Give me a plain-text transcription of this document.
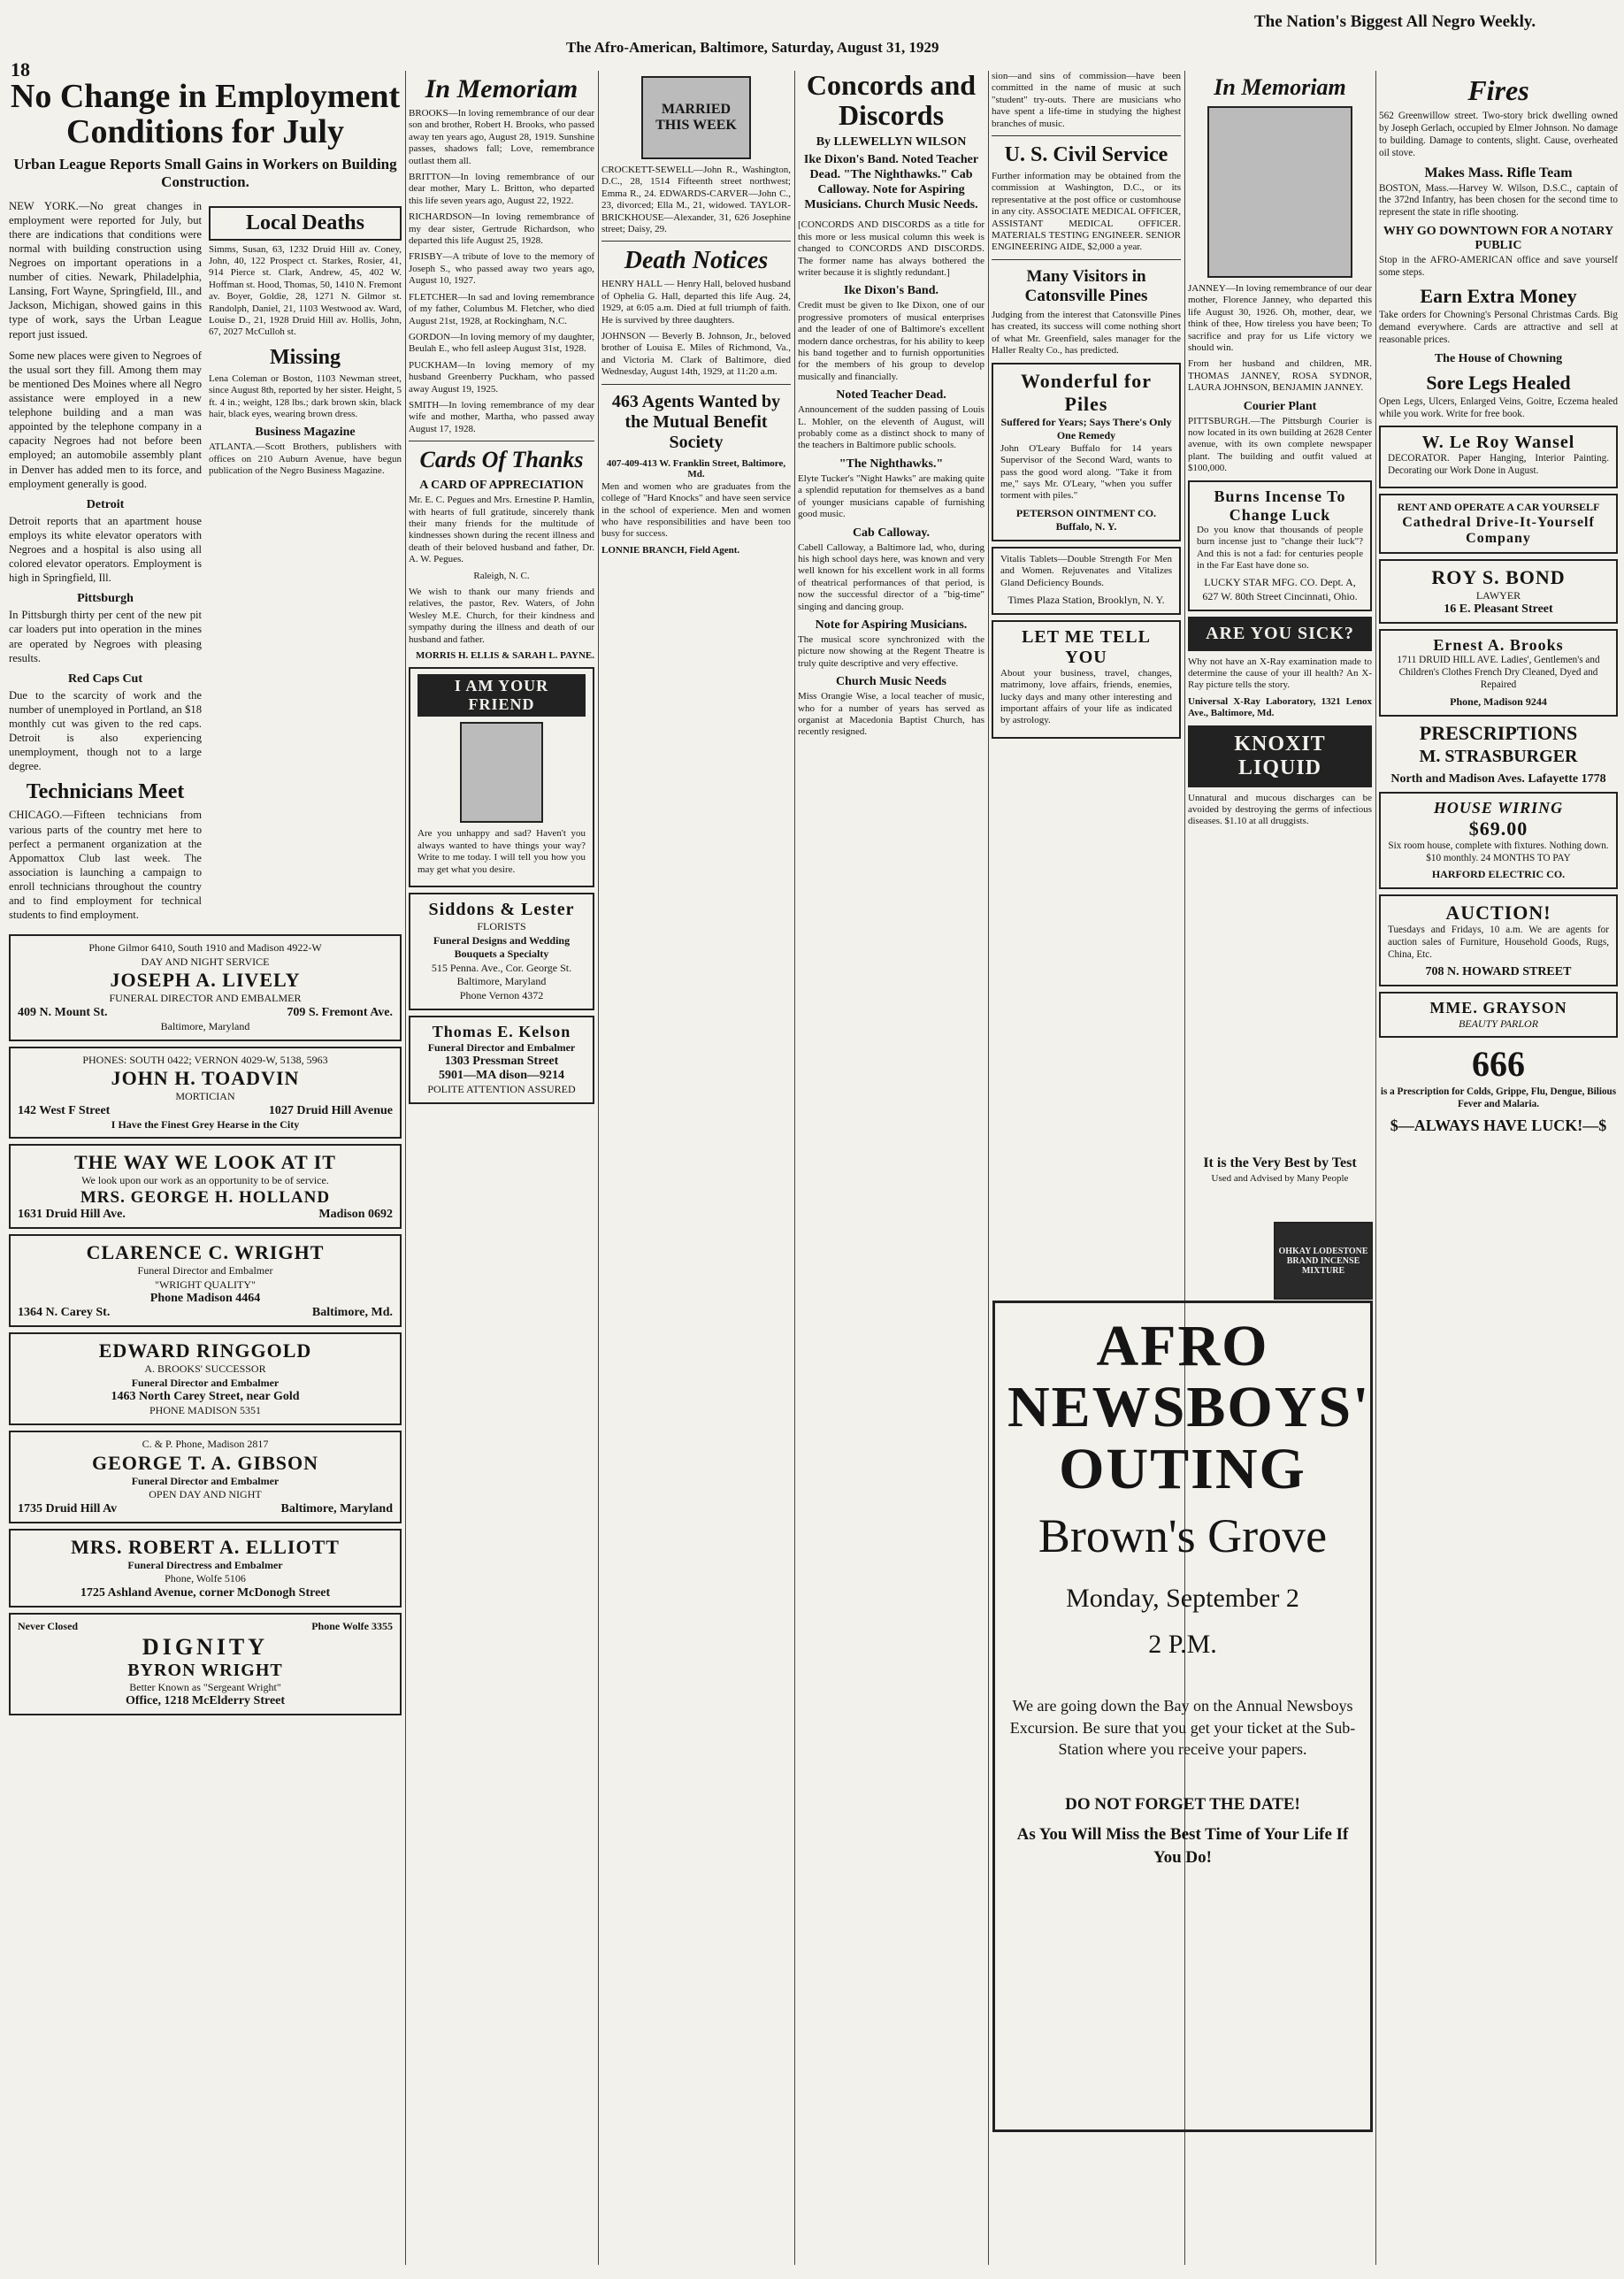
The Afro-American, Baltimore, Saturday, August 31, 1929
The Nation's Biggest All Negro Weekly.
18
No Change in Employment Conditions for July
Urban League Reports Small Gains in Workers on Building Construction.

NEW YORK.—No great changes in employment were reported for July, but there are indications that conditions were normal with building construction using Negroes on important operations in a number of cities. Newark, Philadelphia, Lansing, Fort Wayne, Springfield, Ill., and Jackson, Michigan, showed gains in this type of work, says the Urban League report just issued.

Some new places were given to Negroes of the usual sort they fill. Among them may be mentioned Des Moines where all Negro assistance were employed in a new telephone building and a man was appointed by the telephone company in a capacity Negroes had not before been employed; an automobile assembly plant in Denver has added men to its force, and employment generally is good.

Detroit

Detroit reports that an apartment house employs its white elevator operators with Negroes and a hospital is also using all colored elevator operators. Employment is high in Springfield, Ill.

Pittsburgh

In Pittsburgh thirty per cent of the new pit car loaders put into operation in the mines are operated by Negroes with pleasing results.

Red Caps Cut

Due to the scarcity of work and the number of unemployed in Portland, an $18 monthly cut was given to the red caps. Detroit is also experiencing unemployment, though not to a large degree.

Technicians Meet

CHICAGO.—Fifteen technicians from various parts of the country met here to perfect a permanent organization at the Appomattox Club last week. The association is launching a campaign to enroll technicians throughout the country and to find employment for technical students to find employment.

Local Deaths

Simms, Susan, 63, 1232 Druid Hill av. Coney, John, 40, 122 Prospect ct. Starkes, Rosier, 41, 914 Pierce st. Clark, Andrew, 45, 402 W. Hoffman st. Hood, Thomas, 50, 1410 N. Fremont av. Boyer, Goldie, 28, 1271 N. Gilmor st. Randolph, Daniel, 21, 1103 Westwood av. Ward, Louise D., 21, 1928 Druid Hill av. Hollis, John, 67, 2027 McCulloh st.

Missing

Lena Coleman or Boston, 1103 Newman street, since August 8th, reported by her sister. Height, 5 ft. 4 in.; weight, 128 lbs.; dark brown skin, black hair, black eyes, wearing brown dress.

Business Magazine

ATLANTA.—Scott Brothers, publishers with offices on 210 Auburn Avenue, have begun publication of the Negro Business Magazine.

Phone Gilmor 6410, South 1910 and Madison 4922-W
DAY AND NIGHT SERVICE
JOSEPH A. LIVELY
FUNERAL DIRECTOR AND EMBALMER
409 N. Mount St.	709 S. Fremont Ave.
Baltimore, Maryland
PHONES: SOUTH 0422; VERNON 4029-W, 5138, 5963
JOHN H. TOADVIN
MORTICIAN
142 West F Street	1027 Druid Hill Avenue
I Have the Finest Grey Hearse in the City
THE WAY WE LOOK AT IT
We look upon our work as an opportunity to be of service.
MRS. GEORGE H. HOLLAND
1631 Druid Hill Ave.	Madison 0692
CLARENCE C. WRIGHT
Funeral Director and Embalmer
"WRIGHT QUALITY"
Phone Madison 4464
1364 N. Carey St.	Baltimore, Md.
EDWARD RINGGOLD
A. BROOKS' SUCCESSOR
Funeral Director and Embalmer
1463 North Carey Street, near Gold
PHONE MADISON 5351
C. & P. Phone, Madison 2817
GEORGE T. A. GIBSON
Funeral Director and Embalmer
OPEN DAY AND NIGHT
1735 Druid Hill Av	Baltimore, Maryland
MRS. ROBERT A. ELLIOTT
Funeral Directress and Embalmer
Phone, Wolfe 5106
1725 Ashland Avenue, corner McDonogh Street
Never Closed	Phone Wolfe 3355
DIGNITY
BYRON WRIGHT
Better Known as "Sergeant Wright"
Office, 1218 McElderry Street
In Memoriam

BROOKS—In loving remembrance of our dear son and brother, Robert H. Brooks, who passed away ten years ago, August 28, 1919. Sunshine passes, shadows fall; Love, remembrance outlast them all.

BRITTON—In loving remembrance of our dear mother, Mary L. Britton, who departed this life seven years ago, August 22, 1922.

RICHARDSON—In loving remembrance of my dear sister, Gertrude Richardson, who departed this life August 25, 1928.

FRISBY—A tribute of love to the memory of Joseph S., who passed away two years ago, August 10, 1927.

FLETCHER—In sad and loving remembrance of my father, Columbus M. Fletcher, who died August 21st, 1928, at Rockingham, N.C.

GORDON—In loving memory of my daughter, Beulah E., who fell asleep August 31st, 1928.

PUCKHAM—In loving memory of my husband Greenberry Puckham, who passed away August 19, 1925.

SMITH—In loving remembrance of my dear wife and mother, Martha, who passed away August 17, 1928.

Cards Of Thanks
A CARD OF APPRECIATION

Mr. E. C. Pegues and Mrs. Ernestine P. Hamlin, with hearts of full gratitude, sincerely thank their many friends for the multitude of kindnesses shown during the recent illness and death of their beloved husband and father, Dr. A. W. Pegues.

Raleigh, N. C.

We wish to thank our many friends and relatives, the pastor, Rev. Waters, of John Wesley M.E. Church, for their kindness and sympathy during the illness and death of our husband and father.

MORRIS H. ELLIS & SARAH L. PAYNE.

I AM YOUR FRIEND

Are you unhappy and sad? Haven't you always wanted to have things your way? Write to me today. I will tell you how you may get what you desire.

Siddons & Lester
FLORISTS
Funeral Designs and Wedding Bouquets a Specialty
515 Penna. Ave., Cor. George St. Baltimore, Maryland
Phone Vernon 4372
Thomas E. Kelson
Funeral Director and Embalmer
1303 Pressman Street
5901—MA dison—9214
POLITE ATTENTION ASSURED
MARRIED THIS WEEK

CROCKETT-SEWELL—John R., Washington, D.C., 28, 1514 Fifteenth street northwest; Emma R., 24. EDWARDS-CARVER—John C., 23, divorced; Ella M., 21, widowed. TAYLOR-BRICKHOUSE—Alexander, 31, 626 Josephine street; Daisy, 29.

Death Notices

HENRY HALL — Henry Hall, beloved husband of Ophelia G. Hall, departed this life Aug. 24, 1929, at 6:05 a.m. Died at full triumph of faith. He is survived by three daughters.

JOHNSON — Beverly B. Johnson, Jr., beloved brother of Louisa E. Miles of Richmond, Va., and Victoria M. Clark of Baltimore, died Wednesday, August 14th, 1929, at 11:20 a.m.

463 Agents Wanted by the Mutual Benefit Society
407-409-413 W. Franklin Street, Baltimore, Md.

Men and women who are graduates from the college of "Hard Knocks" and have seen service in the school of experience. Men and women who have responsibilities and have been too busy for success.

LONNIE BRANCH, Field Agent.

Concords and Discords
By LLEWELLYN WILSON
Ike Dixon's Band. Noted Teacher Dead. "The Nighthawks." Cab Calloway. Note for Aspiring Musicians. Church Music Needs.

[CONCORDS AND DISCORDS as a title for this more or less musical column this week is changed to CONCORDS AND DISCORDS. The former name has always bothered the writer because it is slightly redundant.]

Ike Dixon's Band.

Credit must be given to Ike Dixon, one of our progressive promoters of musical enterprises and the leader of one of Baltimore's excellent modern dance orchestras, for his ability to keep his band together and to furnish opportunities for the members of his group to develop musically and financially.

Noted Teacher Dead.

Announcement of the sudden passing of Louis L. Mohler, on the eleventh of August, will probably come as a distinct shock to many of the teachers in Baltimore public schools.

"The Nighthawks."

Elyte Tucker's "Night Hawks" are making quite a splendid reputation for themselves as a band of younger musicians capable of furnishing good music.

Cab Calloway.

Cabell Calloway, a Baltimore lad, who, during his high school days here, was known and very well known for his excellent work in all forms of theatrical performances of that period, is now the successful director of a "big-time" singing and dancing group.

Note for Aspiring Musicians.

The musical score synchronized with the picture now showing at the Regent Theatre is truly quite descriptive and very effective.

Church Music Needs

Miss Orangie Wise, a local teacher of music, who for a number of years has served as organist at Macedonia Baptist Church, has recently resigned.

sion—and sins of commission—have been committed in the name of music at such "student" try-outs. There are musicians who have spent a life-time in studying the highest branches of music.

U. S. Civil Service

Further information may be obtained from the commission at Washington, D.C., or its representative at the post office or customhouse in any city. ASSOCIATE MEDICAL OFFICER, ASSISTANT MEDICAL OFFICER. MATERIALS TESTING ENGINEER. SENIOR ENGINEERING AIDE, $2,000 a year.

Many Visitors in Catonsville Pines

Judging from the interest that Catonsville Pines has created, its success will come nothing short of what Mr. Greenfield, sales manager for the Haller Realty Co., has predicted.

Wonderful for Piles
Suffered for Years; Says There's Only One Remedy

John O'Leary Buffalo for 14 years Supervisor of the Second Ward, wants to pass the good word along. "Take it from me," says Mr. O'Leary, "when you suffer torment with piles."

PETERSON OINTMENT CO. Buffalo, N. Y.

Vitalis Tablets—Double Strength For Men and Women. Rejuvenates and Vitalizes Gland Deficiency Bounds.

Times Plaza Station, Brooklyn, N. Y.
LET ME TELL YOU

About your business, travel, changes, matrimony, love affairs, friends, enemies, lucky days and many other interesting and important affairs of your life as indicated by astrology.

In Memoriam

JANNEY—In loving remembrance of our dear mother, Florence Janney, who departed this life August 30, 1926. Oh, mother, dear, we think of thee, How tireless you have been; To sacrifice and pray for us Life victory we should win.

From her husband and children, MR. THOMAS JANNEY, ROSA SYDNOR, LAURA JOHNSON, BENJAMIN JANNEY.

Courier Plant

PITTSBURGH.—The Pittsburgh Courier is now located in its own building at 2628 Center avenue, with its own complete newspaper plant. The building and outfit valued at $100,000.

Burns Incense To Change Luck

Do you know that thousands of people burn incense just to "change their luck"? And this is not a fad: for centuries people in the Far East have done so.

LUCKY STAR MFG. CO. Dept. A, 627 W. 80th Street Cincinnati, Ohio.
ARE YOU SICK?

Why not have an X-Ray examination made to determine the cause of your ill health? An X-Ray picture tells the story.

Universal X-Ray Laboratory, 1321 Lenox Ave., Baltimore, Md.

KNOXIT LIQUID

Unnatural and mucous discharges can be avoided by destroying the germs of infectious diseases. $1.10 at all druggists.

Fires

562 Greenwillow street. Two-story brick dwelling owned by Joseph Gerlach, occupied by Elmer Johnson. No damage to building. Damage to contents, slight. Cause, overheated oil stove.

Makes Mass. Rifle Team

BOSTON, Mass.—Harvey W. Wilson, D.S.C., captain of the 372nd Infantry, has been chosen for the second time to represent the state in rifle shooting.

WHY GO DOWNTOWN FOR A NOTARY PUBLIC

Stop in the AFRO-AMERICAN office and save yourself some steps.

Earn Extra Money

Take orders for Chowning's Personal Christmas Cards. Big demand everywhere. Cards are attractive and sell at reasonable prices.

The House of Chowning
Sore Legs Healed

Open Legs, Ulcers, Enlarged Veins, Goitre, Eczema healed while you work. Write for free book.

W. Le Roy Wansel

DECORATOR. Paper Hanging, Interior Painting. Decorating our Work Done in August.

RENT AND OPERATE A CAR YOURSELF
Cathedral Drive-It-Yourself Company
ROY S. BOND
LAWYER
16 E. Pleasant Street
Ernest A. Brooks

1711 DRUID HILL AVE. Ladies', Gentlemen's and Children's Clothes French Dry Cleaned, Dyed and Repaired

Phone, Madison 9244
PRESCRIPTIONS
M. STRASBURGER
North and Madison Aves. Lafayette 1778
HOUSE WIRING
$69.00

Six room house, complete with fixtures. Nothing down. $10 monthly. 24 MONTHS TO PAY

HARFORD ELECTRIC CO.
AUCTION!

Tuesdays and Fridays, 10 a.m. We are agents for auction sales of Furniture, Household Goods, Rugs, China, Etc.

708 N. HOWARD STREET
MME. GRAYSON
BEAUTY PARLOR
666

is a Prescription for Colds, Grippe, Flu, Dengue, Bilious Fever and Malaria.

$—ALWAYS HAVE LUCK!—$
AFRO
NEWSBOYS'
OUTING
Brown's Grove
Monday, September 2
2 P.M.
We are going down the Bay on the Annual Newsboys Excursion. Be sure that you get your ticket at the Sub-Station where you receive your papers.
DO NOT FORGET THE DATE!
As You Will Miss the Best Time of Your Life If You Do!
It is the Very Best by Test
Used and Advised by Many People
OHKAY LODESTONE BRAND INCENSE MIXTURE
